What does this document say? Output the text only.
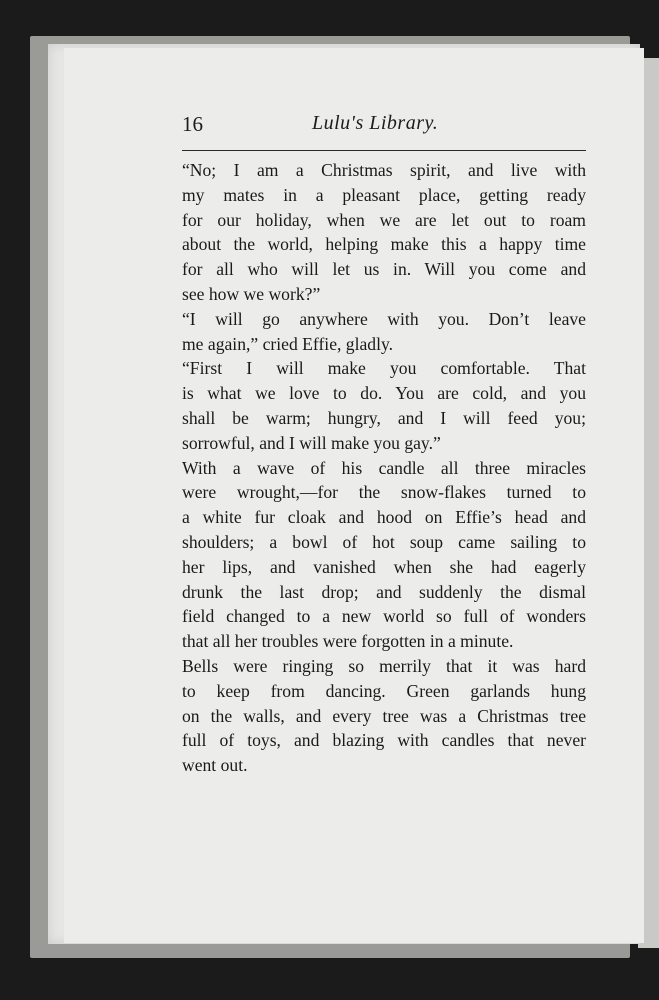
16	Lulu's Library.
“No; I am a Christmas spirit, and live with
my mates in a pleasant place, getting ready
for our holiday, when we are let out to roam
about the world, helping make this a happy time
for all who will let us in. Will you come and
see how we work?”
“I will go anywhere with you. Don’t leave
me again,” cried Effie, gladly.
“First I will make you comfortable. That
is what we love to do. You are cold, and you
shall be warm; hungry, and I will feed you;
sorrowful, and I will make you gay.”
With a wave of his candle all three miracles
were wrought,—for the snow-flakes turned to
a white fur cloak and hood on Effie’s head and
shoulders; a bowl of hot soup came sailing to
her lips, and vanished when she had eagerly
drunk the last drop; and suddenly the dismal
field changed to a new world so full of wonders
that all her troubles were forgotten in a minute.
Bells were ringing so merrily that it was hard
to keep from dancing. Green garlands hung
on the walls, and every tree was a Christmas tree
full of toys, and blazing with candles that never
went out.
